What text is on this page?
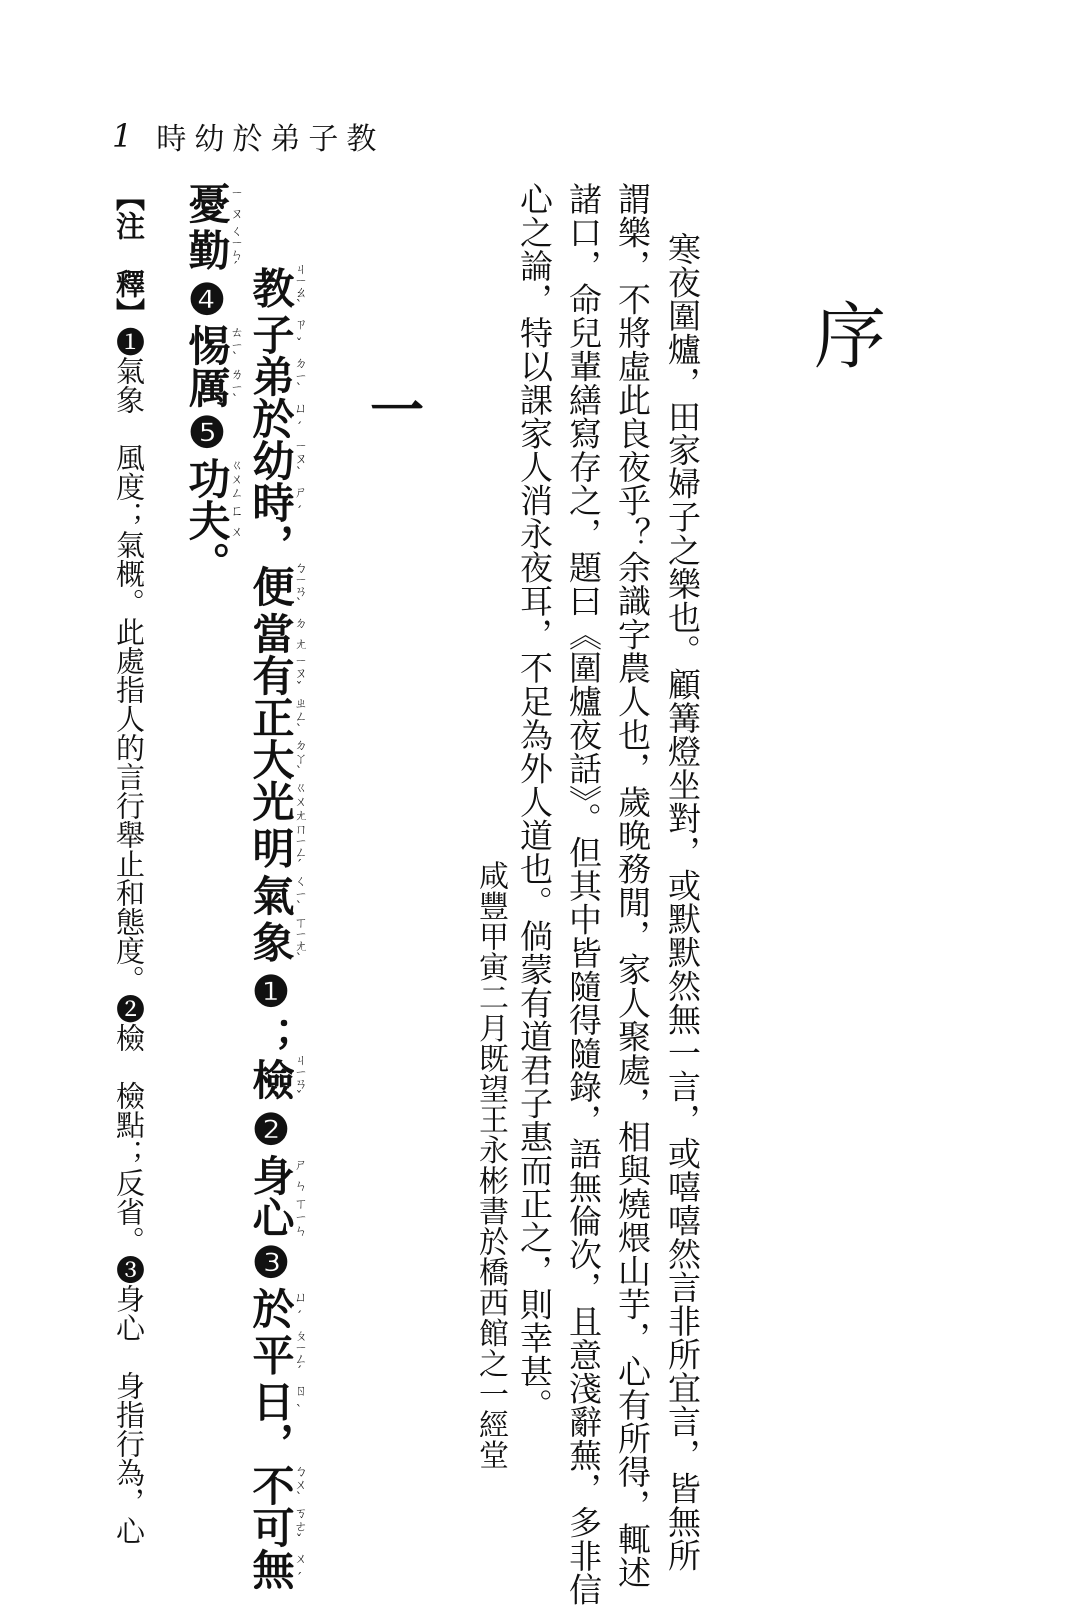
1 時幼於弟子教
序
寒夜圍爐，田家婦子之樂也。顧篝燈坐對，或默默然無一言，或嘻嘻然言非所宜言，皆無所
謂樂，不將虛此良夜乎？余識字農人也，歲晚務閒，家人聚處，相與燒煨山芋，心有所得，輒述
諸口，命兒輩繕寫存之，題曰《圍爐夜話》。但其中皆隨得隨錄，語無倫次，且意淺辭蕪，多非信
心之論，特以課家人消永夜耳，不足為外人道也。倘蒙有道君子惠而正之，則幸甚。
咸豐甲寅二月既望王永彬書於橋西館之一經堂
一
教ㄐㄧㄠˋ子ㄗˇ弟ㄉㄧˋ於ㄩˊ幼ㄧㄡˋ時ㄕˊ，便ㄅㄧㄢˋ當ㄉㄤ有ㄧㄡˇ正ㄓㄥˋ大ㄉㄚˋ光ㄍㄨㄤ明ㄇㄧㄥˊ氣ㄑㄧˋ象ㄒㄧㄤˋ❶；檢ㄐㄧㄢˇ❷身ㄕㄣ心ㄒㄧㄣ❸於ㄩˊ平ㄆㄧㄥˊ日ㄖˋ，不ㄅㄨˋ可ㄎㄜˇ無ㄨˊ
憂ㄧㄡ勤ㄑㄧㄣˊ❹惕ㄊㄧˋ厲ㄌㄧˋ❺功ㄍㄨㄥ夫ㄈㄨ。
【注　釋】❶氣象　風度；氣概。此處指人的言行舉止和態度。❷檢　檢點；反省。❸身心　身指行為，心
